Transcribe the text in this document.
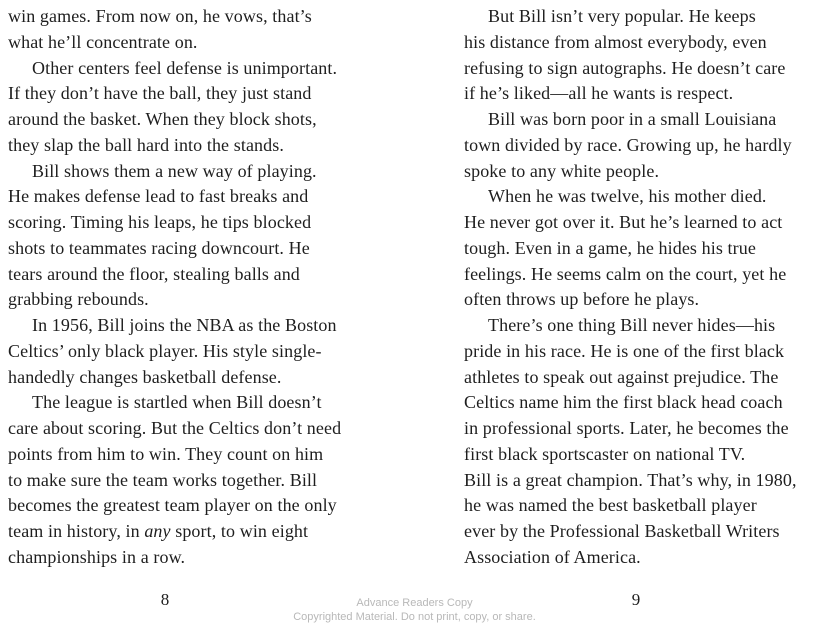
win games. From now on, he vows, that’s
what he’ll concentrate on.
Other centers feel defense is unimportant.
If they don’t have the ball, they just stand
around the basket. When they block shots,
they slap the ball hard into the stands.
Bill shows them a new way of playing.
He makes defense lead to fast breaks and
scoring. Timing his leaps, he tips blocked
shots to teammates racing downcourt. He
tears around the floor, stealing balls and
grabbing rebounds.
In 1956, Bill joins the NBA as the Boston
Celtics’ only black player. His style single-
handedly changes basketball defense.
The league is startled when Bill doesn’t
care about scoring. But the Celtics don’t need
points from him to win. They count on him
to make sure the team works together. Bill
becomes the greatest team player on the only
team in history, in any sport, to win eight
championships in a row.
But Bill isn’t very popular. He keeps
his distance from almost everybody, even
refusing to sign autographs. He doesn’t care
if he’s liked—all he wants is respect.
Bill was born poor in a small Louisiana
town divided by race. Growing up, he hardly
spoke to any white people.
When he was twelve, his mother died.
He never got over it. But he’s learned to act
tough. Even in a game, he hides his true
feelings. He seems calm on the court, yet he
often throws up before he plays.
There’s one thing Bill never hides—his
pride in his race. He is one of the first black
athletes to speak out against prejudice. The
Celtics name him the first black head coach
in professional sports. Later, he becomes the
first black sportscaster on national TV.
Bill is a great champion. That’s why, in 1980,
he was named the best basketball player
ever by the Professional Basketball Writers
Association of America.
8	9
Advance Readers Copy
Copyrighted Material. Do not print, copy, or share.
